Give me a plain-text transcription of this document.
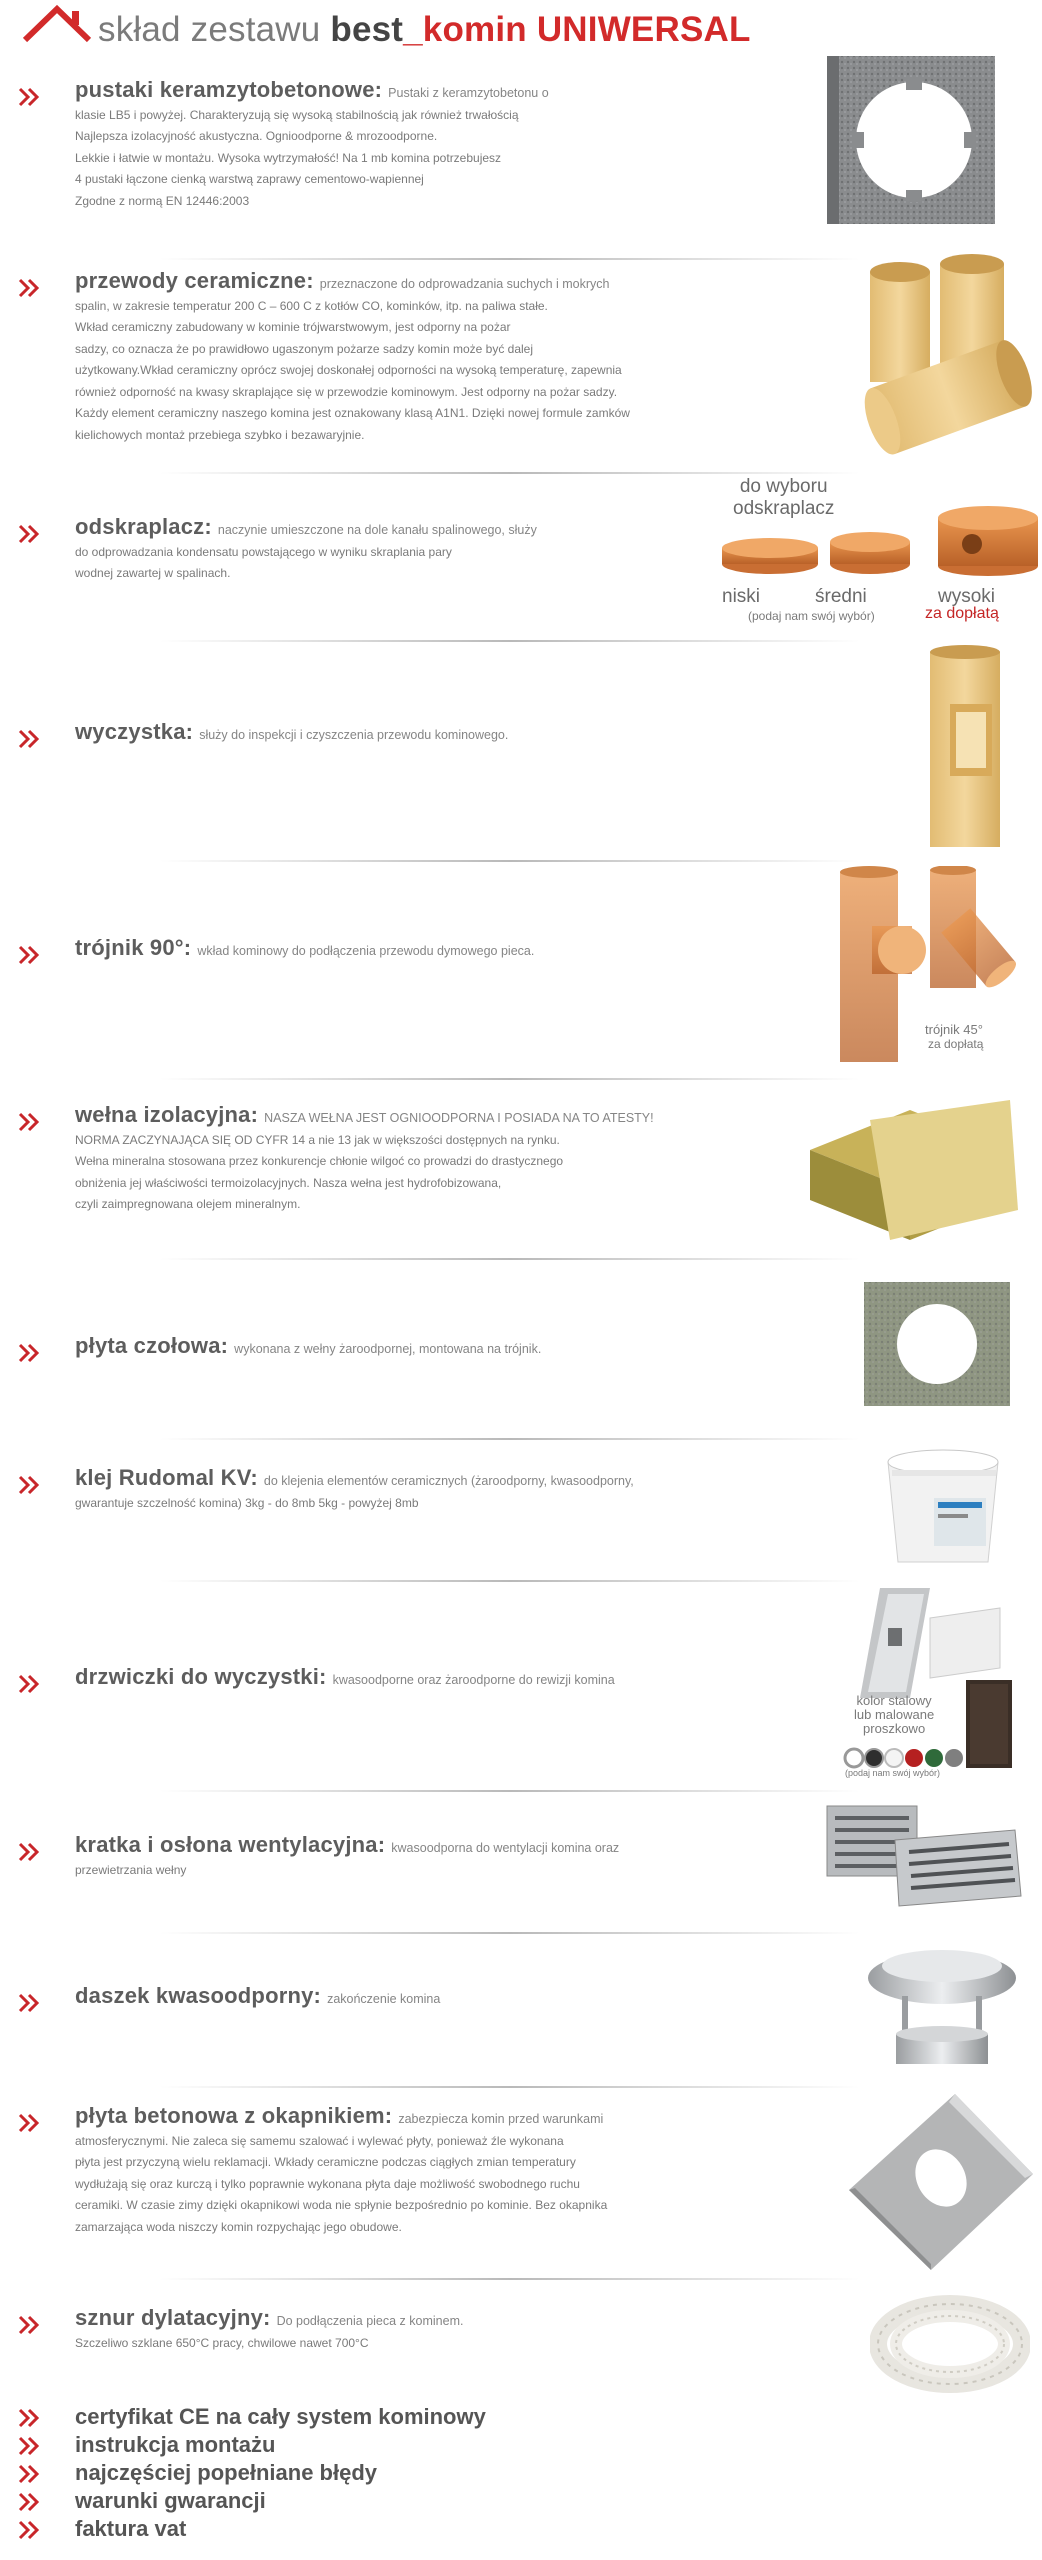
skład zestawu best_komin UNIWERSAL
pustaki keramzytobetonowe: Pustaki z keramzytobetonu o
klasie LB5 i powyżej. Charakteryzują się wysoką stabilnością jak również trwałością
Najlepsza izolacyjność akustyczna. Ognioodporne & mrozoodporne.
Lekkie i łatwie w montażu. Wysoka wytrzymałość! Na 1 mb komina potrzebujesz
4 pustaki łączone cienką warstwą zaprawy cementowo-wapiennej
Zgodne z normą EN 12446:2003
przewody ceramiczne: przeznaczone do odprowadzania suchych i mokrych
spalin, w zakresie temperatur 200 C – 600 C z kotłów CO, kominków, itp. na paliwa stałe.
Wkład ceramiczny zabudowany w kominie trójwarstwowym, jest odporny na pożar
sadzy, co oznacza że po prawidłowo ugaszonym pożarze sadzy komin może być dalej
użytkowany.Wkład ceramiczny oprócz swojej doskonałej odporności na wysoką temperaturę, zapewnia
również odporność na kwasy skraplające się w przewodzie kominowym. Jest odporny na pożar sadzy.
Każdy element ceramiczny naszego komina jest oznakowany klasą A1N1. Dzięki nowej formule zamków
kielichowych montaż przebiega szybko i bezawaryjnie.
odskraplacz: naczynie umieszczone na dole kanału spalinowego, służy
do odprowadzania kondensatu powstającego w wyniku skraplania pary
wodnej zawartej w spalinach.
do wyboru
odskraplacz
niski	średni	wysoki
(podaj nam swój wybór)	za dopłatą
wyczystka: służy do inspekcji i czyszczenia przewodu kominowego.
trójnik 90°: wkład kominowy do podłączenia przewodu dymowego pieca.
trójnik 45°
za dopłatą
wełna izolacyjna: NASZA WEŁNA JEST OGNIOODPORNA I POSIADA NA TO ATESTY!
NORMA ZACZYNAJĄCA SIĘ OD CYFR 14 a nie 13 jak w większości dostępnych na rynku.
Wełna mineralna stosowana przez konkurencje chłonie wilgoć co prowadzi do drastycznego
obniżenia jej właściwości termoizolacyjnych. Nasza wełna jest hydrofobizowana,
czyli zaimpregnowana olejem mineralnym.
płyta czołowa: wykonana z wełny żaroodpornej, montowana na trójnik.
klej Rudomal KV: do klejenia elementów ceramicznych (żaroodporny, kwasoodporny,
gwarantuje szczelność komina) 3kg - do 8mb 5kg - powyżej 8mb
drzwiczki do wyczystki: kwasoodporne oraz żaroodporne do rewizji komina
kolor stalowy
lub malowane
proszkowo
(podaj nam swój wybór)
kratka i osłona wentylacyjna: kwasoodporna do wentylacji komina oraz
przewietrzania wełny
daszek kwasoodporny: zakończenie komina
płyta betonowa z okapnikiem: zabezpiecza komin przed warunkami
atmosferycznymi. Nie zaleca się samemu szalować i wylewać płyty, ponieważ źle wykonana
płyta jest przyczyną wielu reklamacji. Wkłady ceramiczne podczas ciągłych zmian temperatury
wydłużają się oraz kurczą i tylko poprawnie wykonana płyta daje możliwość swobodnego ruchu
ceramiki. W czasie zimy dzięki okapnikowi woda nie spłynie bezpośrednio po kominie. Bez okapnika
zamarzająca woda niszczy komin rozpychając jego obudowe.
sznur dylatacyjny: Do podłączenia pieca z kominem.
Szczeliwo szklane 650°C pracy, chwilowe nawet 700°C
certyfikat CE na cały system kominowy
instrukcja montażu
najczęściej popełniane błędy
warunki gwarancji
faktura vat
